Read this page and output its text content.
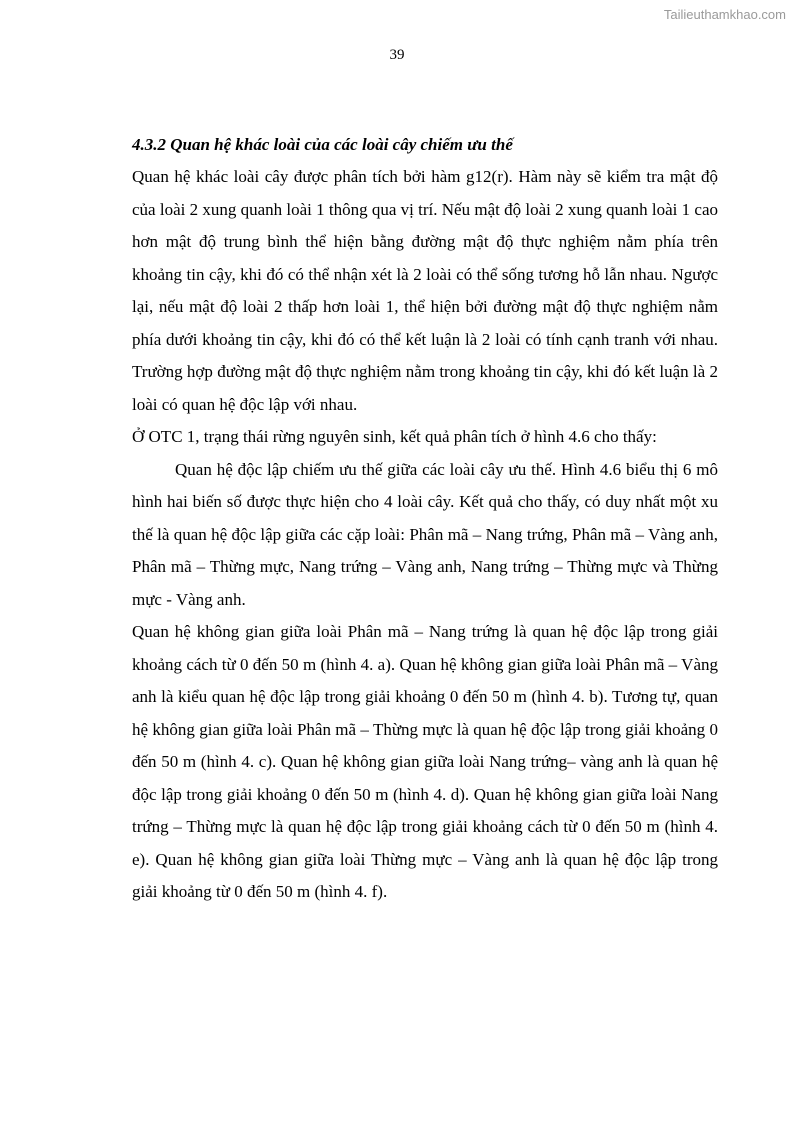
Tailieuthamkhao.com
39

4.3.2 Quan hệ khác loài của các loài cây chiếm ưu thế

Quan hệ khác loài cây được phân tích bởi hàm g12(r). Hàm này sẽ kiểm tra mật độ của loài 2 xung quanh loài 1 thông qua vị trí. Nếu mật độ loài 2 xung quanh loài 1 cao hơn mật độ trung bình thể hiện bằng đường mật độ thực nghiệm nằm phía trên khoảng tin cậy, khi đó có thể nhận xét là 2 loài có thể sống tương hỗ lẫn nhau. Ngược lại, nếu mật độ loài 2 thấp hơn loài 1, thể hiện bởi đường mật độ thực nghiệm nằm phía dưới khoảng tin cậy, khi đó có thể kết luận là 2 loài có tính cạnh tranh với nhau. Trường hợp đường mật độ thực nghiệm nằm trong khoảng tin cậy, khi đó kết luận là 2 loài có quan hệ độc lập với nhau.

Ở OTC 1, trạng thái rừng nguyên sinh, kết quả phân tích ở hình 4.6 cho thấy:

Quan hệ độc lập chiếm ưu thế giữa các loài cây ưu thế. Hình 4.6 biểu thị 6 mô hình hai biến số được thực hiện cho 4 loài cây. Kết quả cho thấy, có duy nhất một xu thế là quan hệ độc lập giữa các cặp loài: Phân mã – Nang trứng, Phân mã – Vàng anh, Phân mã – Thừng mực, Nang trứng – Vàng anh, Nang trứng – Thừng mực và Thừng mực - Vàng anh.

Quan hệ không gian giữa loài Phân mã – Nang trứng là quan hệ độc lập trong giải khoảng cách từ 0 đến 50 m (hình 4. a). Quan hệ không gian giữa loài Phân mã – Vàng anh là kiểu quan hệ độc lập trong giải khoảng 0 đến 50 m (hình 4. b). Tương tự, quan hệ không gian giữa loài Phân mã – Thừng mực là quan hệ độc lập trong giải khoảng 0 đến 50 m (hình 4. c). Quan hệ không gian giữa loài Nang trứng– vàng anh là quan hệ độc lập trong giải khoảng 0 đến 50 m (hình 4. d). Quan hệ không gian giữa loài Nang trứng – Thừng mực là quan hệ độc lập trong giải khoảng cách từ 0 đến 50 m (hình 4. e). Quan hệ không gian giữa loài Thừng mực – Vàng anh là quan hệ độc lập trong giải khoảng từ 0 đến 50 m (hình 4. f).
